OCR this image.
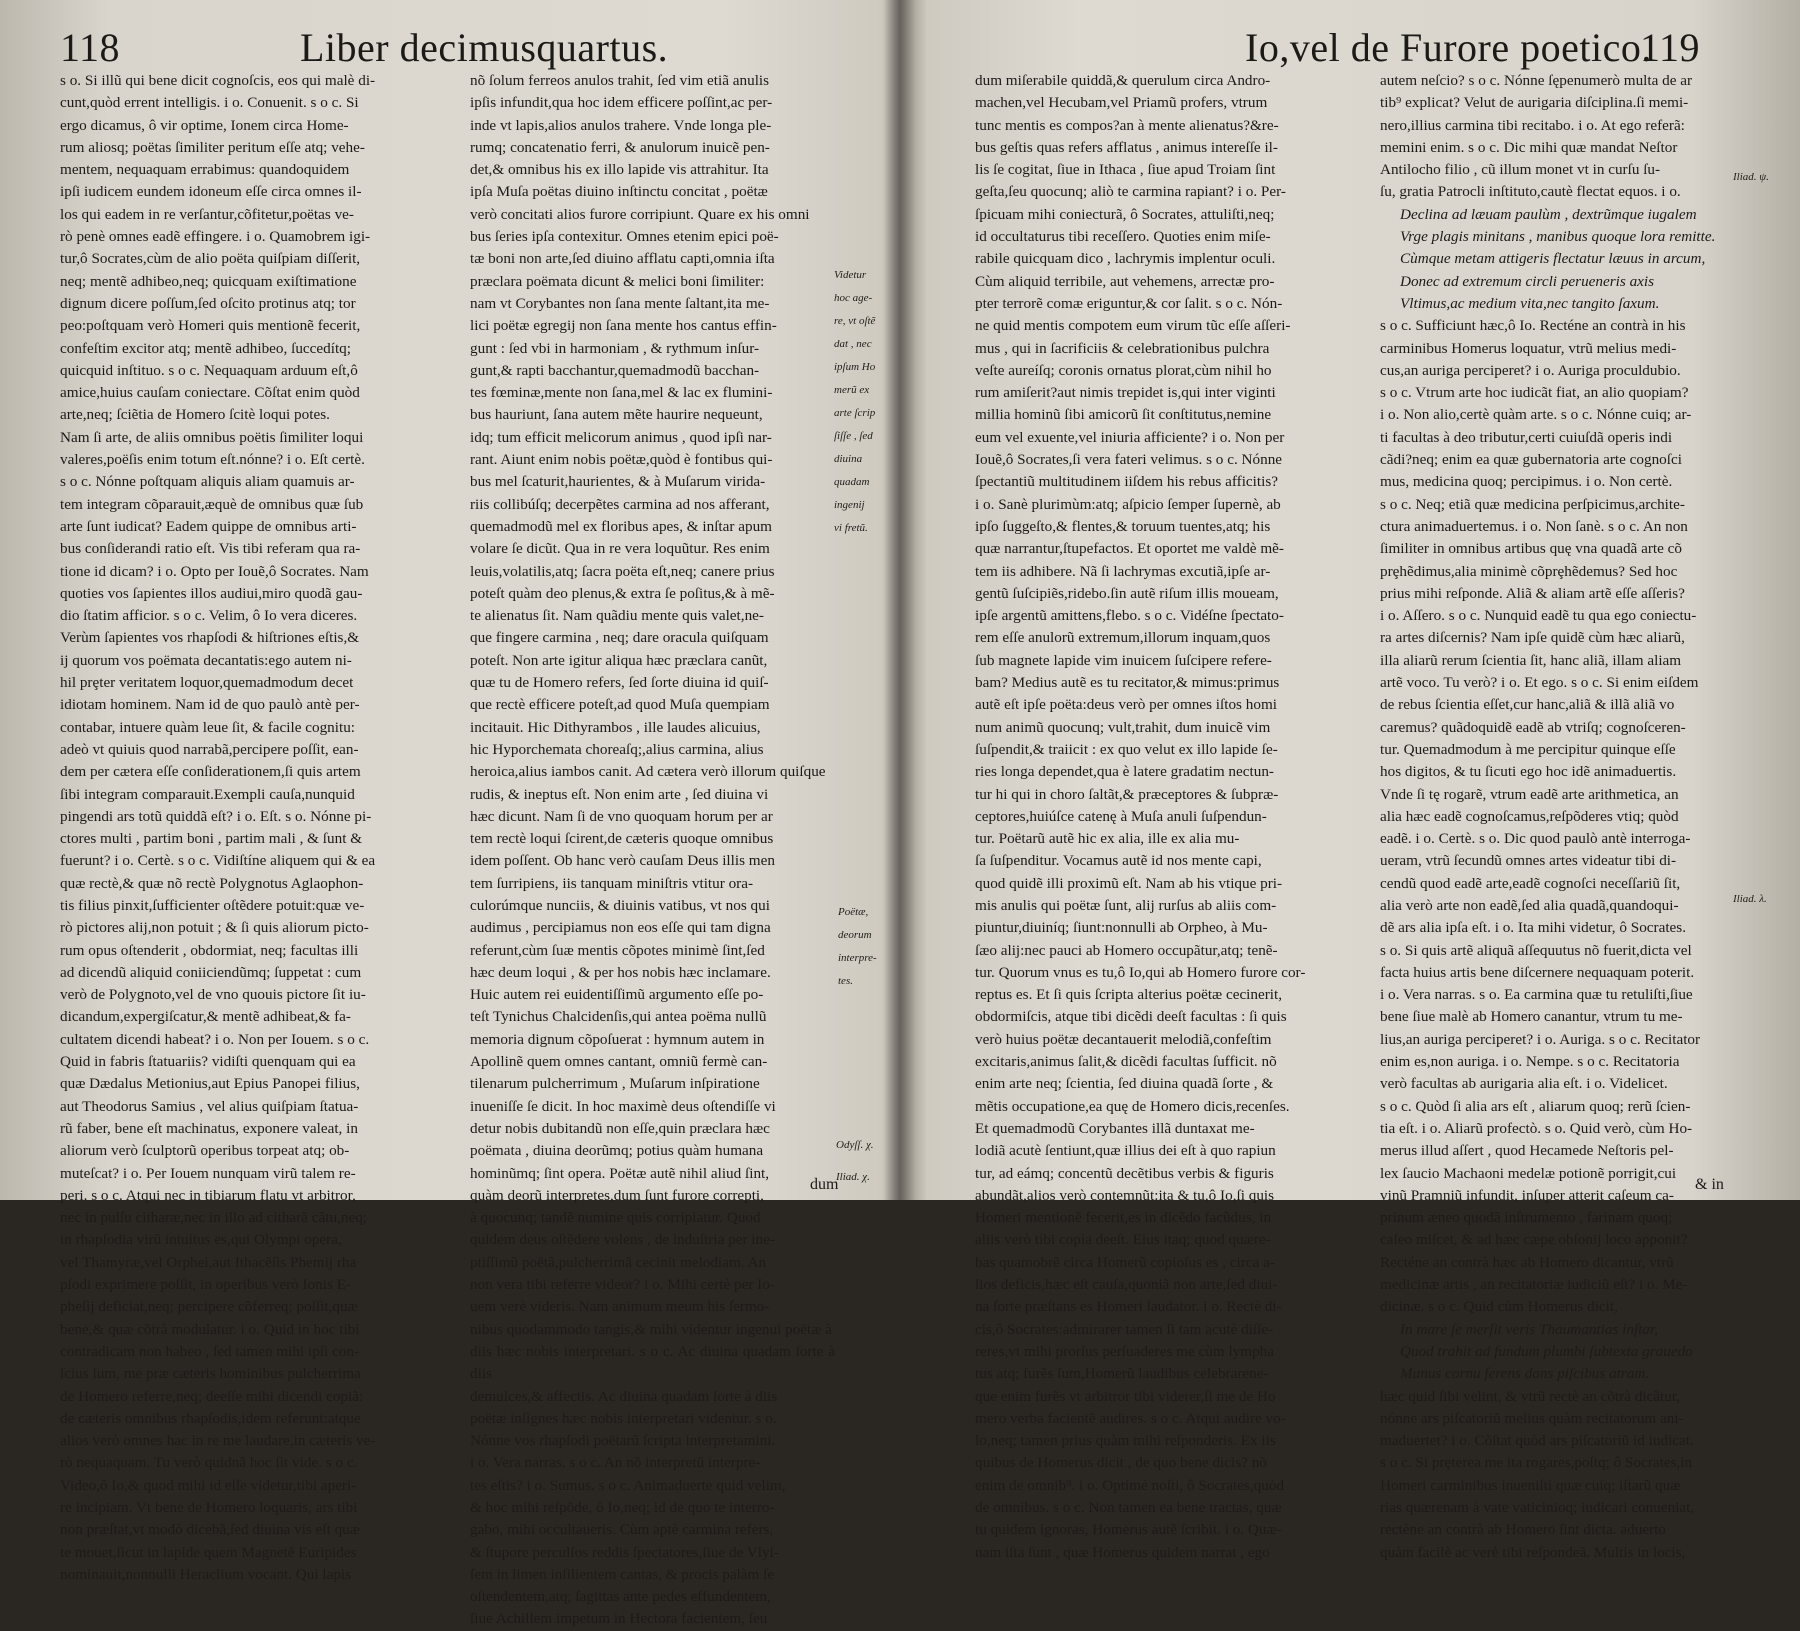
118	Liber decimusquartus.

s o. Si illũ qui bene dicit cognoſcis, eos qui malè di-

cunt,quòd errent intelligis. i o. Conuenit. s o c. Si

ergo dicamus, ô vir optime, Ionem circa Home-

rum aliosq; poëtas ſimiliter peritum eſſe atq; vehe-

mentem, nequaquam errabimus: quandoquidem

ipſi iudicem eundem idoneum eſſe circa omnes il-

los qui eadem in re verſantur,cõfitetur,poëtas ve-

rò penè omnes eadẽ effingere. i o. Quamobrem igi-

tur,ô Socrates,cùm de alio poëta quiſpiam diſſerit,

neq; mentẽ adhibeo,neq; quicquam exiſtimatione

dignum dicere poſſum,ſed oſcito protinus atq; tor

peo:poſtquam verò Homeri quis mentionẽ fecerit,

confeſtim excitor atq; mentẽ adhibeo, ſuccedítq;

quicquid inſtituo. s o c. Nequaquam arduum eſt,ô

amice,huius cauſam coniectare. Cõſtat enim quòd

arte,neq; ſciẽtia de Homero ſcitè loqui potes.

Nam ſi arte, de aliis omnibus poëtis ſimiliter loqui

valeres,poëſis enim totum eſt.nónne? i o. Eſt certè.

s o c. Nónne poſtquam aliquis aliam quamuis ar-

tem integram cõparauit,æquè de omnibus quæ ſub

arte ſunt iudicat? Eadem quippe de omnibus arti-

bus conſiderandi ratio eſt. Vis tibi referam qua ra-

tione id dicam? i o. Opto per Iouẽ,ô Socrates. Nam

quoties vos ſapientes illos audiui,miro quodã gau-

dio ſtatim afficior. s o c. Velim, ô Io vera diceres.

Verùm ſapientes vos rhapſodi & hiſtriones eſtis,&

ij quorum vos poëmata decantatis:ego autem ni-

hil prȩter veritatem loquor,quemadmodum decet

idiotam hominem. Nam id de quo paulò antè per-

contabar, intuere quàm leue ſit, & facile cognitu:

adeò vt quiuis quod narrabã,percipere poſſit, ean-

dem per cætera eſſe conſiderationem,ſi quis artem

ſibi integram comparauit.Exempli cauſa,nunquid

pingendi ars totũ quiddã eſt? i o. Eſt. s o. Nónne pi-

ctores multi , partim boni , partim mali , & ſunt &

fuerunt? i o. Certè. s o c. Vidiſtíne aliquem qui & ea

quæ rectè,& quæ nõ rectè Polygnotus Aglaophon-

tis filius pinxit,ſufficienter oſtẽdere potuit:quæ ve-

rò pictores alij,non potuit ; & ſi quis aliorum picto-

rum opus oſtenderit , obdormiat, neq; facultas illi

ad dicendũ aliquid coniiciendũmq; ſuppetat : cum

verò de Polygnoto,vel de vno quouis pictore ſit iu-

dicandum,expergiſcatur,& mentẽ adhibeat,& fa-

cultatem dicendi habeat? i o. Non per Iouem. s o c.

Quid in fabris ſtatuariis? vidiſti quenquam qui ea

quæ Dædalus Metionius,aut Epius Panopei filius,

aut Theodorus Samius , vel alius quiſpiam ſtatua-

rũ faber, bene eſt machinatus, exponere valeat, in

aliorum verò ſculptorũ operibus torpeat atq; ob-

muteſcat? i o. Per Iouem nunquam virũ talem re-

peri. s o c. Atqui nec in tibiarum flatu vt arbitror,

nec in pulſu citharæ,nec in illo ad citharã cãtu,neq;

in rhapſodia virũ intuitus es,qui Olympi opera,

vel Thamyræ,vel Orphei,aut Ithacẽſis Phemij rha

pſodi exprimere poſſit, in operibus verò Ionis E-

pheſij deficiat,neq; percipere cõferreq; poſſit,quæ

bene,& quæ cõtrà modulatur. i o. Quid in hoc tibi

contradicam non habeo , ſed tamen mihi ipſi con-

ſcius ſum, me præ cæteris hominibus pulcherrima

de Homero referre,neq; deeſſe mihi dicendi copiã:

de cæteris omnibus rhapſodis,idem referunt:atque

alios verò omnes hac in re me laudare,in cæteris ve-

rò nequaquam. Tu verò quidnã hoc ſit vide. s o c.

Video,ô Io,& quod mihi id eſſe videtur,tibi aperi-

re incipiam. Vt bene de Homero loquaris, ars tibi

non præſtat,vt modò dicebã,ſed diuina vis eſt quæ

te mouet,ſicut in lapide quem Magnetẽ Euripides

nominauit,nonnulli Heraclium vocant. Qui lapis

nõ ſolum ferreos anulos trahit, ſed vim etiã anulis

ipſis infundit,qua hoc idem efficere poſſint,ac per-

inde vt lapis,alios anulos trahere. Vnde longa ple-

rumq; concatenatio ferri, & anulorum inuicẽ pen-

det,& omnibus his ex illo lapide vis attrahitur. Ita

ipſa Muſa poëtas diuino inſtinctu concitat , poëtæ

verò concitati alios furore corripiunt. Quare ex his omni

bus ſeries ipſa contexitur. Omnes etenim epici poë-

tæ boni non arte,ſed diuino afflatu capti,omnia iſta

præclara poëmata dicunt & melici boni ſimiliter:

nam vt Corybantes non ſana mente ſaltant,ita me-

lici poëtæ egregij non ſana mente hos cantus effin-

gunt : ſed vbi in harmoniam , & rythmum inſur-

gunt,& rapti bacchantur,quemadmodũ bacchan-

tes fœminæ,mente non ſana,mel & lac ex flumini-

bus hauriunt, ſana autem mẽte haurire nequeunt,

idq; tum efficit melicorum animus , quod ipſi nar-

rant. Aiunt enim nobis poëtæ,quòd è fontibus qui-

bus mel ſcaturit,haurientes, & à Muſarum virida-

riis collibúſq; decerpẽtes carmina ad nos afferant,

quemadmodũ mel ex floribus apes, & inſtar apum

volare ſe dicũt. Qua in re vera loquũtur. Res enim

leuis,volatilis,atq; ſacra poëta eſt,neq; canere prius

poteſt quàm deo plenus,& extra ſe poſitus,& à mẽ-

te alienatus ſit. Nam quãdiu mente quis valet,ne-

que fingere carmina , neq; dare oracula quiſquam

poteſt. Non arte igitur aliqua hæc præclara canũt,

quæ tu de Homero refers, ſed ſorte diuina id quiſ-

que rectè efficere poteſt,ad quod Muſa quempiam

incitauit. Hic Dithyrambos , ille laudes alicuius,

hic Hyporchemata choreaſq;,alius carmina, alius

heroica,alius iambos canit. Ad cætera verò illorum quiſque

rudis, & ineptus eſt. Non enim arte , ſed diuina vi

hæc dicunt. Nam ſi de vno quoquam horum per ar

tem rectè loqui ſcirent,de cæteris quoque omnibus

idem poſſent. Ob hanc verò cauſam Deus illis men

tem ſurripiens, iis tanquam miniſtris vtitur ora-

culorúmque nunciis, & diuinis vatibus, vt nos qui

audimus , percipiamus non eos eſſe qui tam digna

referunt,cùm ſuæ mentis cõpotes minimè ſint,ſed

hæc deum loqui , & per hos nobis hæc inclamare.

Huic autem rei euidentiſſimũ argumento eſſe po-

teſt Tynichus Chalcidenſis,qui antea poëma nullũ

memoria dignum cõpoſuerat : hymnum autem in

Apollinẽ quem omnes cantant, omniũ fermè can-

tilenarum pulcherrimum , Muſarum inſpiratione

inueniſſe ſe dicit. In hoc maximè deus oſtendiſſe vi

detur nobis dubitandũ non eſſe,quin præclara hæc

poëmata , diuina deorũmq; potius quàm humana

hominũmq; ſint opera. Poëtæ autẽ nihil aliud ſint,

quàm deorũ interpretes,dum ſunt furore correpti,

à quocunq; tandẽ numine quis corripiatur. Quod

quidem deus oſtẽdere volens , de induſtria per ine-

ptiſſimũ poëtã,pulcherrimã cecinit melodiam. An

non vera tibi referre videor? i o. Mihi certè per Io-

uem verè videris. Nam animum meum his ſermo-

nibus quodammodo tangis,& mihi videntur ingenui poëtæ à

diis hæc nobis interpretari. s o c. Ac diuina quadam ſorte à diis

demulces,& affectis. Ac diuina quadam ſorte à diis

poëtæ inſignes hæc nobis interpretari videntur. s o.

Nónne vos rhapſodi poëtarũ ſcripta interpretamini.

i o. Vera narras. s o c. An nõ interpretũ interpre-

tes eſtis? i o. Sumus. s o c. Animaduerte quid velim,

& hoc mihi reſpõde, ô Io,neq; id de quo te interro-

gabo, mihi occultaueris. Cùm aptè carmina refers,

& ſtupore perculſos reddis ſpectatores,ſiue de Vlyſ-

ſem in limen inſilientem cantas, & procis palàm ſe

oſtendentem,atq; ſagittas ante pedes effundentem,

ſiue Achillem impetum in Hectora facientem, ſeu

Videtur

hoc age-

re, vt oſtẽ

dat , nec

ipſum Ho

merũ ex

arte ſcrip

ſiſſe , ſed

diuina

quadam

ingenij

vi fretũ.

Poëtæ,

deorum

interpre-

tes.

Odyſſ. χ.

Iliad. χ.

dum
Io,vel de Furore poetico.
119

dum miſerabile quiddã,& querulum circa Andro-

machen,vel Hecubam,vel Priamũ profers, vtrum

tunc mentis es compos?an à mente alienatus?&re-

bus geſtis quas refers afflatus , animus intereſſe il-

lis ſe cogitat, ſiue in Ithaca , ſiue apud Troiam ſint

geſta,ſeu quocunq; aliò te carmina rapiant? i o. Per-

ſpicuam mihi coniecturã, ô Socrates, attuliſti,neq;

id occultaturus tibi receſſero. Quoties enim miſe-

rabile quicquam dico , lachrymis implentur oculi.

Cùm aliquid terribile, aut vehemens, arrectæ pro-

pter terrorẽ comæ eriguntur,& cor ſalit. s o c. Nón-

ne quid mentis compotem eum virum tũc eſſe aſſeri-

mus , qui in ſacrificiis & celebrationibus pulchra

veſte aureíſq; coronis ornatus plorat,cùm nihil ho

rum amiſerit?aut nimis trepidet is,qui inter viginti

millia hominũ ſibi amicorũ ſit conſtitutus,nemine

eum vel exuente,vel iniuria afficiente? i o. Non per

Iouẽ,ô Socrates,ſi vera fateri velimus. s o c. Nónne

ſpectantiũ multitudinem iiſdem his rebus afficitis?

i o. Sanè plurimùm:atq; aſpicio ſemper ſupernè, ab

ipſo ſuggeſto,& flentes,& toruum tuentes,atq; his

quæ narrantur,ſtupefactos. Et oportet me valdè mẽ-

tem iis adhibere. Nã ſi lachrymas excutiã,ipſe ar-

gentũ ſuſcipiẽs,ridebo.ſin autẽ riſum illis moueam,

ipſe argentũ amittens,flebo. s o c. Vidéſne ſpectato-

rem eſſe anulorũ extremum,illorum inquam,quos

ſub magnete lapide vim inuicem ſuſcipere refere-

bam? Medius autẽ es tu recitator,& mimus:primus

autẽ eſt ipſe poëta:deus verò per omnes iſtos homi

num animũ quocunq; vult,trahit, dum inuicẽ vim

ſuſpendit,& traiicit : ex quo velut ex illo lapide ſe-

ries longa dependet,qua è latere gradatim nectun-

tur hi qui in choro ſaltãt,& præceptores & ſubpræ-

ceptores,huiúſce catenę à Muſa anuli ſuſpendun-

tur. Poëtarũ autẽ hic ex alia, ille ex alia mu-

ſa ſuſpenditur. Vocamus autẽ id nos mente capi,

quod quidẽ illi proximũ eſt. Nam ab his vtique pri-

mis anulis qui poëtæ ſunt, alij rurſus ab aliis com-

piuntur,diuiníq; ſiunt:nonnulli ab Orpheo, à Mu-

ſæo alij:nec pauci ab Homero occupãtur,atq; tenẽ-

tur. Quorum vnus es tu,ô Io,qui ab Homero furore cor-

reptus es. Et ſi quis ſcripta alterius poëtæ cecinerit,

obdormiſcis, atque tibi dicẽdi deeſt facultas : ſi quis

verò huius poëtæ decantauerit melodiã,confeſtim

excitaris,animus ſalit,& dicẽdi facultas ſufficit. nõ

enim arte neq; ſcientia, ſed diuina quadã ſorte , &

mẽtis occupatione,ea quę de Homero dicis,recenſes.

Et quemadmodũ Corybantes illã duntaxat me-

lodiã acutè ſentiunt,quæ illius dei eſt à quo rapiun

tur, ad eámq; concentũ decẽtibus verbis & figuris

abundãt,alios verò contemnũt:ita & tu,ô Io,ſi quis

Homeri mentionẽ fecerit,es in dicẽdo facũdus, in

aliis verò tibi copia deeſt. Eius itaq; quod quære-

bas quamobrẽ circa Homerũ copioſus es , circa a-

lios deficis,hæc eſt cauſa,quoniã non arte,ſed diui-

na ſorte præſtans es Homeri laudator. i o. Rectè di-

cis,ô Socrates:admirarer tamen ſi tam acutè diſſe-

reres,vt mihi prorſus perſuaderes me cùm lympha

tus atq; furẽs ſum,Homerũ laudibus celebrarene-

que enim furẽs vt arbitror tibi viderer,ſi me de Ho

mero verba facientẽ audires. s o c. Atqui audire vo-

lo,neq; tamen prius quàm mihi reſponderis. Ex iis

quibus de Homerus dicit , de quo bene dicis? nõ

enim de omnib⁹. i o. Optimè noſti, ô Socrates,quòd

de omnibus. s o c. Non tamen ea bene tractas, quæ

tu quidem ignoras, Homerus autẽ ſcribit. i o. Quæ-

nam iſta ſunt , quæ Homerus quidem narrat , ego

autem neſcio? s o c. Nónne ſępenumerò multa de ar

tib⁹ explicat? Velut de aurigaria diſciplina.ſi memi-

nero,illius carmina tibi recitabo. i o. At ego referã:

memini enim. s o c. Dic mihi quæ mandat Neſtor

Antilocho filio , cũ illum monet vt in curſu ſu-

ſu, gratia Patrocli inſtituto,cautè flectat equos. i o.

Declina ad læuam paulùm , dextrũmque iugalem

Vrge plagis minitans , manibus quoque lora remitte.

Cùmque metam attigeris flectatur læuus in arcum,

Donec ad extremum circli perueneris axis

Vltimus,ac medium vita,nec tangito ſaxum.

s o c. Sufficiunt hæc,ô Io. Recténe an contrà in his

carminibus Homerus loquatur, vtrũ melius medi-

cus,an auriga perciperet? i o. Auriga proculdubio.

s o c. Vtrum arte hoc iudicãt fiat, an alio quopiam?

i o. Non alio,certè quàm arte. s o c. Nónne cuiq; ar-

ti facultas à deo tributur,certi cuiuſdã operis indi

cãdi?neq; enim ea quæ gubernatoria arte cognoſci

mus, medicina quoq; percipimus. i o. Non certè.

s o c. Neq; etiã quæ medicina perſpicimus,archite-

ctura animaduertemus. i o. Non ſanè. s o c. An non

ſimiliter in omnibus artibus quę vna quadã arte cõ

prȩhẽdimus,alia minimè cõprȩhẽdemus? Sed hoc

prius mihi reſponde. Aliã & aliam artẽ eſſe aſſeris?

i o. Aſſero. s o c. Nunquid eadẽ tu qua ego coniectu-

ra artes diſcernis? Nam ipſe quidẽ cùm hæc aliarũ,

illa aliarũ rerum ſcientia ſit, hanc aliã, illam aliam

artẽ voco. Tu verò? i o. Et ego. s o c. Si enim eiſdem

de rebus ſcientia eſſet,cur hanc,aliã & illã aliã vo

caremus? quãdoquidẽ eadẽ ab vtriſq; cognoſceren-

tur. Quemadmodum à me percipitur quinque eſſe

hos digitos, & tu ſicuti ego hoc idẽ animaduertis.

Vnde ſi tę rogarẽ, vtrum eadẽ arte arithmetica, an

alia hæc eadẽ cognoſcamus,reſpõderes vtiq; quòd

eadẽ. i o. Certè. s o. Dic quod paulò antè interroga-

ueram, vtrũ ſecundũ omnes artes videatur tibi di-

cendũ quod eadẽ arte,eadẽ cognoſci neceſſariũ ſit,

alia verò arte non eadẽ,ſed alia quadã,quandoqui-

dẽ ars alia ipſa eſt. i o. Ita mihi videtur, ô Socrates.

s o. Si quis artẽ aliquã aſſequutus nõ fuerit,dicta vel

facta huius artis bene diſcernere nequaquam poterit.

i o. Vera narras. s o. Ea carmina quæ tu retuliſti,ſiue

bene ſiue malè ab Homero canantur, vtrum tu me-

lius,an auriga perciperet? i o. Auriga. s o c. Recitator

enim es,non auriga. i o. Nempe. s o c. Recitatoria

verò facultas ab aurigaria alia eſt. i o. Videlicet.

s o c. Quòd ſi alia ars eſt , aliarum quoq; rerũ ſcien-

tia eſt. i o. Aliarũ profectò. s o. Quid verò, cùm Ho-

merus illud aſſert , quod Hecamede Neſtoris pel-

lex ſaucio Machaoni medelæ potionẽ porrigit,cui

vinũ Pramniũ infundit, inſuper atterit caſeum ca-

prinum æneo quodã inſtrumento , farinam quoq;

caſeo miſcet, & ad hæc cæpe obſonij loco apponit?

Recténe an contrà hæc ab Homero dicantur, vtrũ

medicinæ artis , an recitatoriæ iudiciũ eſt? i o. Me-

dicinæ. s o c. Quid cùm Homerus dicit,

In mare ſe merſit veris Thaumantias inſtar,

Quod trahit ad fundum plumbi ſubtexta grauedo

Munus cornu ferens dans piſcibus atram.

hæc quid ſibi velint, & vtrũ rectè an cõtrà dicãtur,

nónne ars piſcatoriũ melius quàm recitatorum ani-

maduertet? i o. Cõſtat quòd ars piſcatoriũ id iudicat.

s o c. Si prȩterea me ita rogares,poſtq; ô Socrates,in

Homeri carminibus inueniſti quæ cuiq; iſtarũ quæ

rias quærenam à vate vaticinioq; iudicari conueniat,

rectène an contrà ab Homero ſint dicta. aduerto

quàm facilè ac verè tibi reſpondeã. Multis in locis,

Iliad. ψ.

Iliad. λ.

& in
